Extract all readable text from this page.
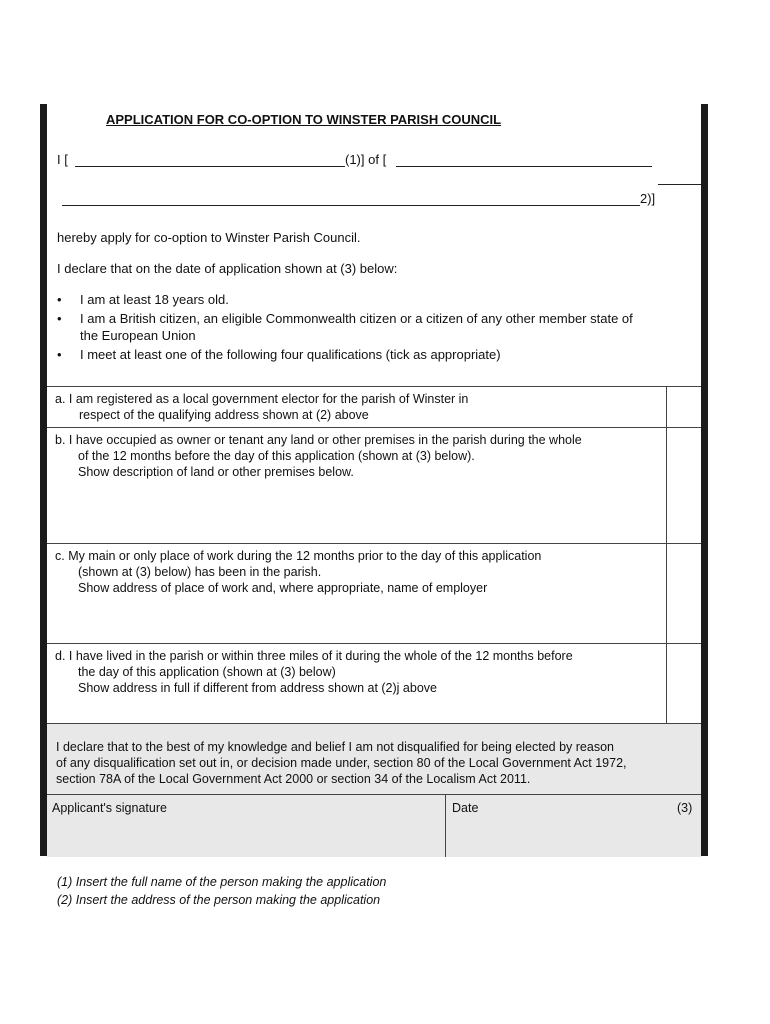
APPLICATION FOR CO-OPTION TO WINSTER PARISH COUNCIL
I [	(1)] of [
2)]
hereby apply for co-option to Winster Parish Council.
I declare that on the date of application shown at (3) below:
• I am at least 18 years old.
• I am a British citizen, an eligible Commonwealth citizen or a citizen of any other member state of
the European Union
• I meet at least one of the following four qualifications (tick as appropriate)
a. I am registered as a local government elector for the parish of Winster in
respect of the qualifying address shown at (2) above
b. I have occupied as owner or tenant any land or other premises in the parish during the whole
of the 12 months before the day of this application (shown at (3) below).
Show description of land or other premises below.
c. My main or only place of work during the 12 months prior to the day of this application
(shown at (3) below) has been in the parish.
Show address of place of work and, where appropriate, name of employer
d. I have lived in the parish or within three miles of it during the whole of the 12 months before
the day of this application (shown at (3) below)
Show address in full if different from address shown at (2)j above
I declare that to the best of my knowledge and belief I am not disqualified for being elected by reason
of any disqualification set out in, or decision made under, section 80 of the Local Government Act 1972,
section 78A of the Local Government Act 2000 or section 34 of the Localism Act 2011.
Applicant's signature	Date	(3)
(1) Insert the full name of the person making the application
(2) Insert the address of the person making the application
